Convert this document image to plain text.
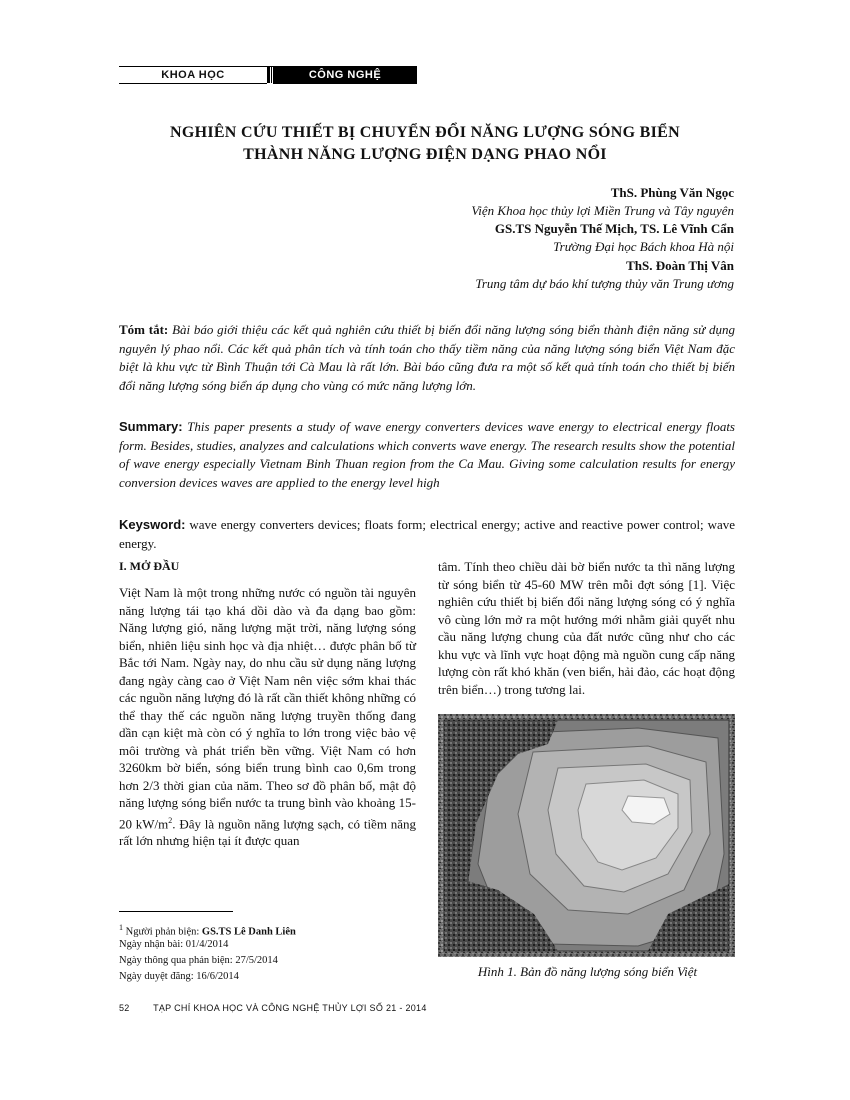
KHOA HỌC	CÔNG NGHỆ
NGHIÊN CỨU THIẾT BỊ CHUYỂN ĐỔI NĂNG LƯỢNG SÓNG BIỂN
THÀNH NĂNG LƯỢNG ĐIỆN DẠNG PHAO NỔI
ThS. Phùng Văn Ngọc
Viện Khoa học thủy lợi Miền Trung và Tây nguyên
GS.TS Nguyễn Thế Mịch, TS. Lê Vĩnh Cẩn
Trường Đại học Bách khoa Hà nội
ThS. Đoàn Thị Vân
Trung tâm dự báo khí tượng thủy văn Trung ương
Tóm tắt: Bài báo giới thiệu các kết quả nghiên cứu thiết bị biến đổi năng lượng sóng biển thành điện năng sử dụng nguyên lý phao nổi. Các kết quả phân tích và tính toán cho thấy tiềm năng của năng lượng sóng biển Việt Nam đặc biệt là khu vực từ Bình Thuận tới Cà Mau là rất lớn. Bài báo cũng đưa ra một số kết quả tính toán cho thiết bị biến đổi năng lượng sóng biển áp dụng cho vùng có mức năng lượng lớn.
Summary: This paper presents a study of wave energy converters devices wave energy to electrical energy floats form. Besides, studies, analyzes and calculations which converts wave energy. The research results show the potential of wave energy especially Vietnam Binh Thuan region from the Ca Mau. Giving some calculation results for energy conversion devices waves are applied to the energy level high
Keysword: wave energy converters devices; floats form; electrical energy; active and reactive power control; wave energy.
I. MỞ ĐẦU
Việt Nam là một trong những nước có nguồn tài nguyên năng lượng tái tạo khá dồi dào và đa dạng bao gồm: Năng lượng gió, năng lượng mặt trời, năng lượng sóng biển, nhiên liệu sinh học và địa nhiệt… được phân bố từ Bắc tới Nam. Ngày nay, do nhu cầu sử dụng năng lượng đang ngày càng cao ở Việt Nam nên việc sớm khai thác các nguồn năng lượng đó là rất cần thiết không những có thể thay thế các nguồn năng lượng truyền thống đang dần cạn kiệt mà còn có ý nghĩa to lớn trong việc bảo vệ môi trường và phát triển bền vững. Việt Nam có hơn 3260km bờ biển, sóng biển trung bình cao 0,6m trong hơn 2/3 thời gian của năm. Theo sơ đồ phân bố, mật độ năng lượng sóng biển nước ta trung bình vào khoảng 15-20 $kW/m^2$. Đây là nguồn năng lượng sạch, có tiềm năng rất lớn nhưng hiện tại ít được quan
tâm. Tính theo chiều dài bờ biển nước ta thì năng lượng từ sóng biển từ 45-60 MW trên mỗi đợt sóng [1]. Việc nghiên cứu thiết bị biến đổi năng lượng sóng có ý nghĩa vô cùng lớn mở ra một hướng mới nhằm giải quyết nhu cầu năng lượng chung của đất nước cũng như cho các khu vực và lĩnh vực hoạt động mà nguồn cung cấp năng lượng còn rất khó khăn (ven biển, hải đảo, các hoạt động trên biển…) trong tương lai.
Hình 1. Bản đồ năng lượng sóng biển Việt
$^1$ Người phản biện: GS.TS Lê Danh Liên
Ngày nhận bài: 01/4/2014
Ngày thông qua phản biện: 27/5/2014
Ngày duyệt đăng: 16/6/2014
52	TẠP CHÍ KHOA HỌC VÀ CÔNG NGHỆ THỦY LỢI SỐ 21 - 2014
